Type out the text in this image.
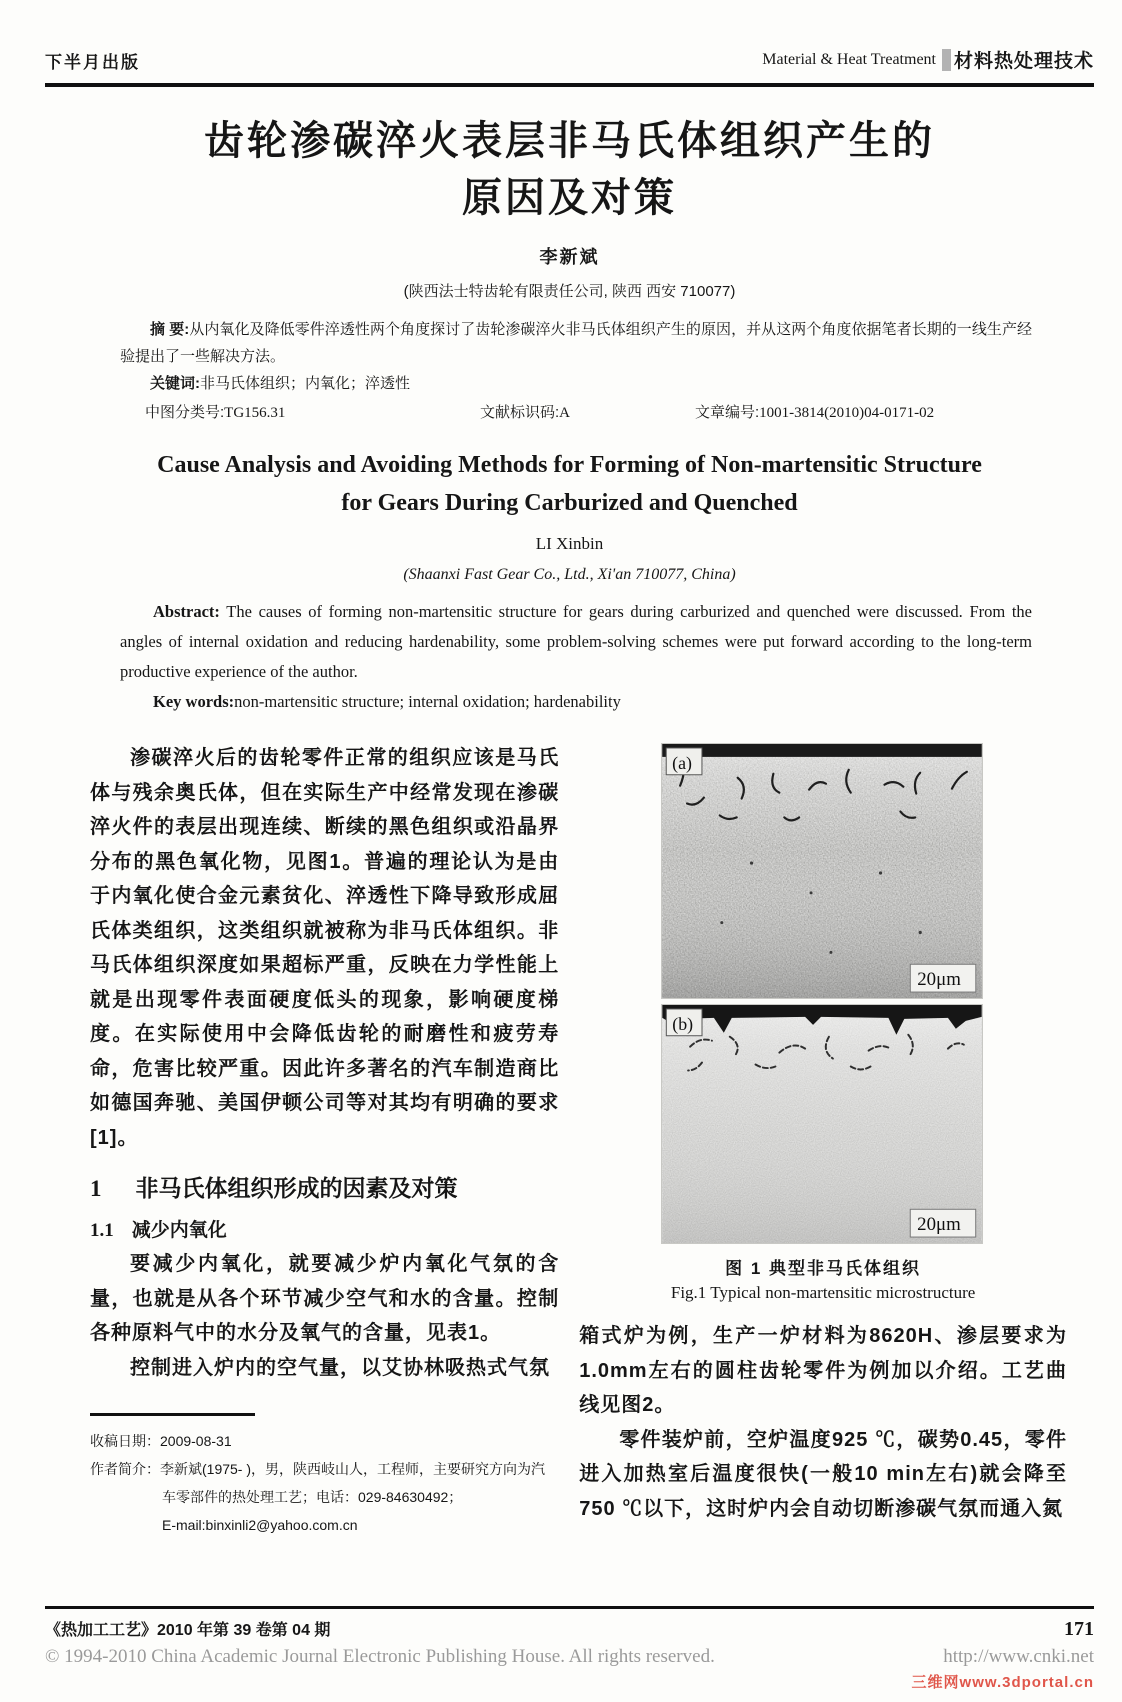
下半月出版	Material & Heat Treatment 材料热处理技术
齿轮渗碳淬火表层非马氏体组织产生的
原因及对策
李新斌
(陕西法士特齿轮有限责任公司, 陕西 西安 710077)

摘 要:从内氧化及降低零件淬透性两个角度探讨了齿轮渗碳淬火非马氏体组织产生的原因，并从这两个角度依据笔者长期的一线生产经验提出了一些解决方法。

关键词:非马氏体组织；内氧化；淬透性

中图分类号:TG156.31	文献标识码:A	文章编号:1001-3814(2010)04-0171-02
Cause Analysis and Avoiding Methods for Forming of Non-martensitic Structure
for Gears During Carburized and Quenched
LI Xinbin
(Shaanxi Fast Gear Co., Ltd., Xi'an 710077, China)

Abstract: The causes of forming non-martensitic structure for gears during carburized and quenched were discussed. From the angles of internal oxidation and reducing hardenability, some problem-solving schemes were put forward according to the long-term productive experience of the author.

Key words:non-martensitic structure; internal oxidation; hardenability

渗碳淬火后的齿轮零件正常的组织应该是马氏体与残余奥氏体，但在实际生产中经常发现在渗碳淬火件的表层出现连续、断续的黑色组织或沿晶界分布的黑色氧化物，见图1。普遍的理论认为是由于内氧化使合金元素贫化、淬透性下降导致形成屈氏体类组织，这类组织就被称为非马氏体组织。非马氏体组织深度如果超标严重，反映在力学性能上就是出现零件表面硬度低头的现象，影响硬度梯度。在实际使用中会降低齿轮的耐磨性和疲劳寿命，危害比较严重。因此许多著名的汽车制造商比如德国奔驰、美国伊顿公司等对其均有明确的要求[1]。

1 非马氏体组织形成的因素及对策
1.1 减少内氧化

要减少内氧化，就要减少炉内氧化气氛的含量，也就是从各个环节减少空气和水的含量。控制各种原料气中的水分及氧气的含量，见表1。

控制进入炉内的空气量，以艾协林吸热式气氛

收稿日期：2009-08-31
作者简介：李新斌(1975- )，男，陕西岐山人，工程师，主要研究方向为汽
车零部件的热处理工艺；电话：029-84630492；
E-mail:binxinli2@yahoo.com.cn
(a)
20μm
(b)
20μm
图 1 典型非马氏体组织
Fig.1 Typical non-martensitic microstructure

箱式炉为例，生产一炉材料为8620H、渗层要求为1.0mm左右的圆柱齿轮零件为例加以介绍。工艺曲线见图2。

零件装炉前，空炉温度925 ℃，碳势0.45，零件进入加热室后温度很快(一般10 min左右)就会降至750 ℃以下，这时炉内会自动切断渗碳气氛而通入氮

《热加工工艺》2010 年第 39 卷第 04 期	171
© 1994-2010 China Academic Journal Electronic Publishing House. All rights reserved.	http://www.cnki.net
三维网www.3dportal.cn
